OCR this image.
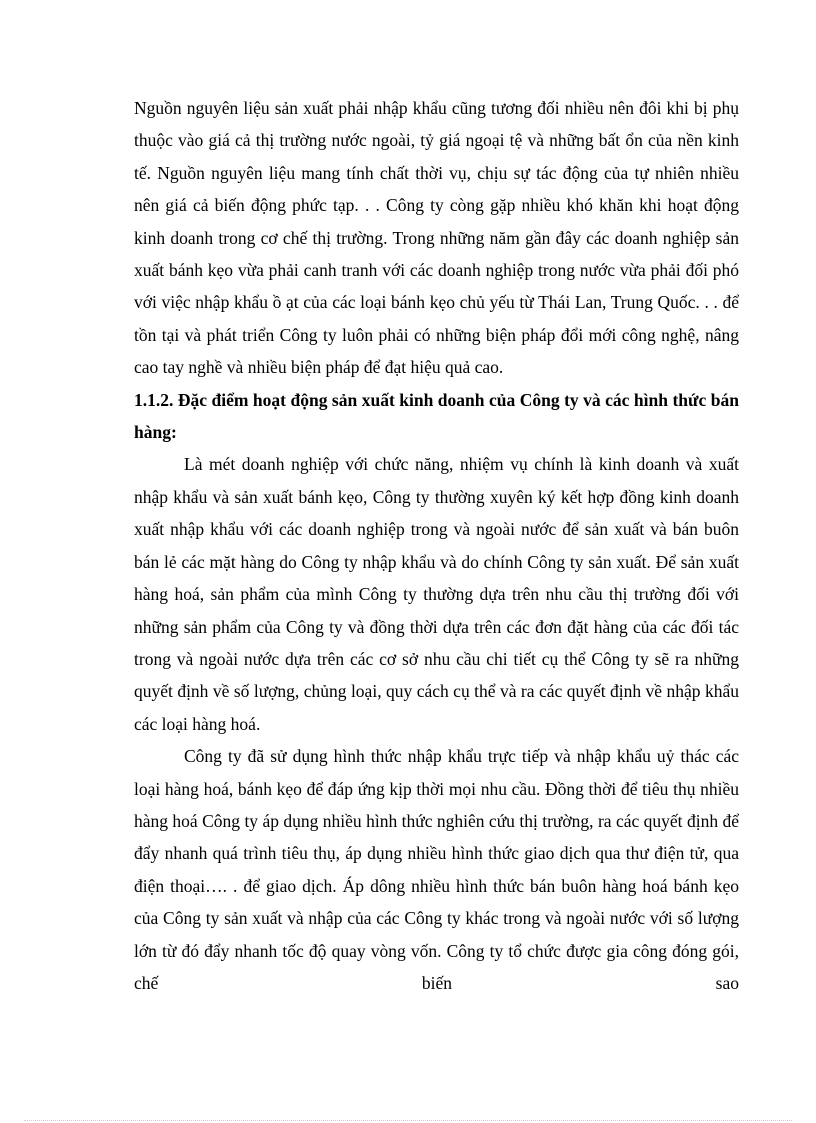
Nguồn nguyên liệu sản xuất phải nhập khẩu cũng tương đối nhiều nên đôi khi bị phụ thuộc vào giá cả thị trường nước ngoài, tỷ giá ngoại tệ và những bất ổn của nền kinh tế. Nguồn nguyên liệu mang tính chất thời vụ, chịu sự tác động của tự nhiên nhiều nên giá cả biến động phức tạp. . . Công ty còng gặp nhiều khó khăn khi hoạt động kinh doanh trong cơ chế thị trường. Trong những năm gần đây các doanh nghiệp sản xuất bánh kẹo vừa phải canh tranh với các doanh nghiệp trong nước vừa phải đối phó với việc nhập khẩu ồ ạt của các loại bánh kẹo chủ yếu từ Thái Lan, Trung Quốc. . . để tồn tại và phát triển Công ty luôn phải có những biện pháp đổi mới công nghệ, nâng cao tay nghề và nhiều biện pháp để đạt hiệu quả cao.

1.1.2. Đặc điểm hoạt động sản xuất kinh doanh của Công ty và các hình thức bán hàng:

Là mét doanh nghiệp với chức năng, nhiệm vụ chính là kinh doanh và xuất nhập khẩu và sản xuất bánh kẹo, Công ty thường xuyên ký kết hợp đồng kinh doanh xuất nhập khẩu với các doanh nghiệp trong và ngoài nước để sản xuất và bán buôn bán lẻ các mặt hàng do Công ty nhập khẩu và do chính Công ty sản xuất. Để sản xuất hàng hoá, sản phẩm của mình Công ty thường dựa trên nhu cầu thị trường đối với những sản phẩm của Công ty và đồng thời dựa trên các đơn đặt hàng của các đối tác trong và ngoài nước dựa trên các cơ sở nhu cầu chi tiết cụ thể Công ty sẽ ra những quyết định về số lượng, chủng loại, quy cách cụ thể và ra các quyết định về nhập khẩu các loại hàng hoá.

Công ty đã sử dụng hình thức nhập khẩu trực tiếp và nhập khẩu uỷ thác các loại hàng hoá, bánh kẹo để đáp ứng kịp thời mọi nhu cầu. Đồng thời để tiêu thụ nhiều hàng hoá Công ty áp dụng nhiều hình thức nghiên cứu thị trường, ra các quyết định để đẩy nhanh quá trình tiêu thụ, áp dụng nhiều hình thức giao dịch qua thư điện tử, qua điện thoại…. . để giao dịch. Áp dông nhiều hình thức bán buôn hàng hoá bánh kẹo của Công ty sản xuất và nhập của các Công ty khác trong và ngoài nước với số lượng lớn từ đó đẩy nhanh tốc độ quay vòng vốn. Công ty tổ chức được gia công đóng gói, chế biến sao
